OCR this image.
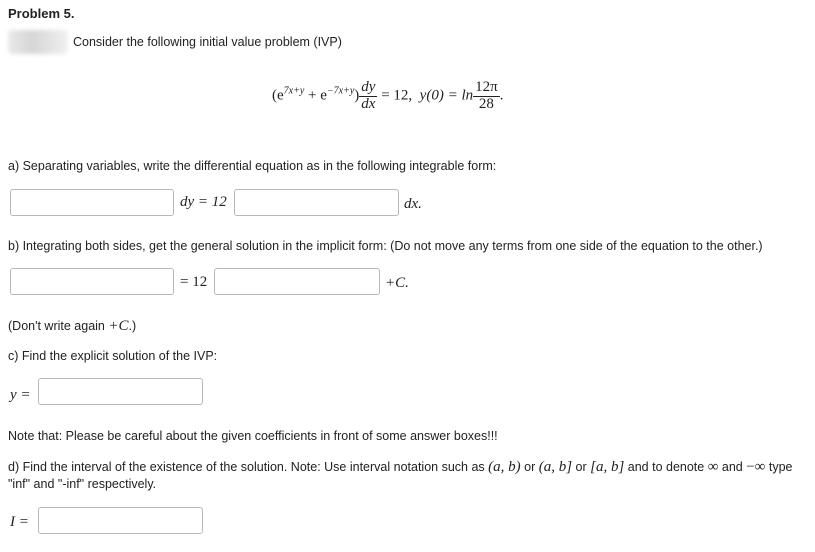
Problem 5.
Consider the following initial value problem (IVP)
$(e^{7x+y} + e^{-7x+y}) \frac{dy}{dx} = 12$, $y(0) = \ln \frac{12\pi}{28}$ .
a) Separating variables, write the differential equation as in the following integrable form:
dy = 12	dx.
b) Integrating both sides, get the general solution in the implicit form: (Do not move any terms from one side of the equation to the other.)
= 12	+C.
(Don't write again +C.)
c) Find the explicit solution of the IVP:
y =
Note that: Please be careful about the given coefficients in front of some answer boxes!!!
d) Find the interval of the existence of the solution. Note: Use interval notation such as (a, b) or (a, b] or [a, b] and to denote ∞ and −∞ type
"inf" and "-inf" respectively.
I =
